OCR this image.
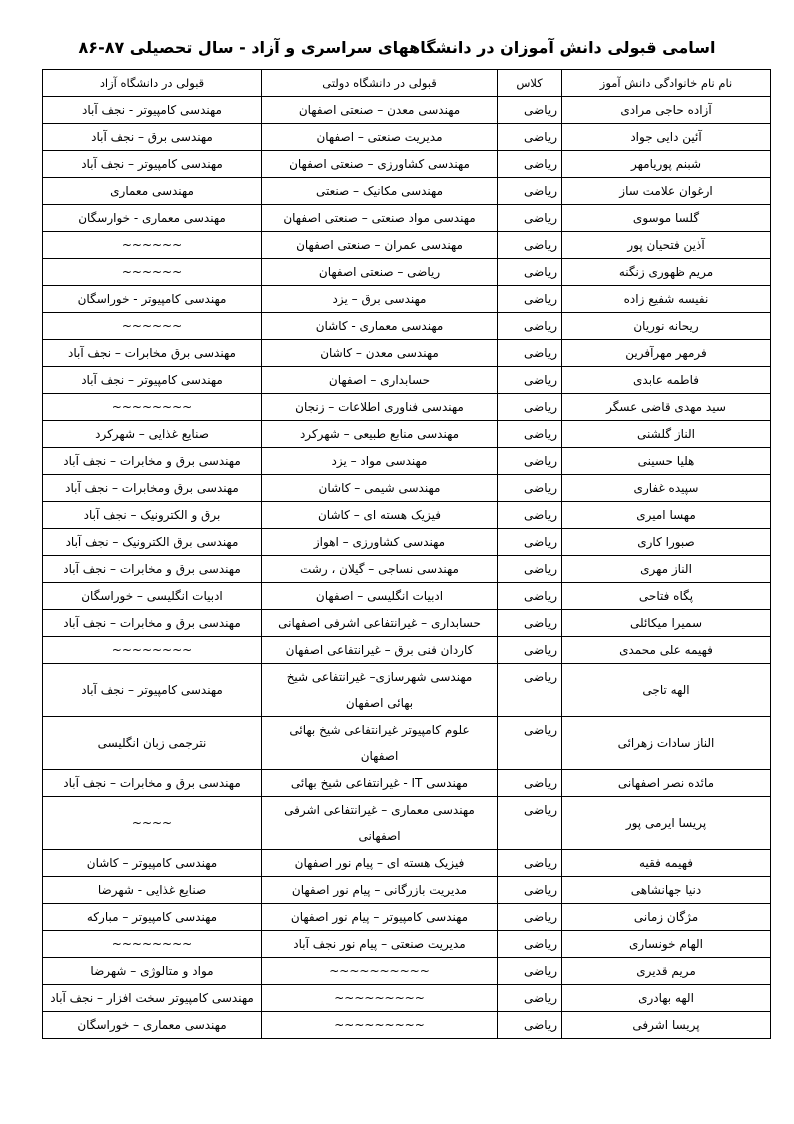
اسامی قبولی دانش آموزان در دانشگاههای سراسری و آزاد - سال تحصیلی ۸۷-۸۶
نام نام خانوادگی دانش آموز	کلاس	قبولی در دانشگاه دولتی	قبولی در دانشگاه آزاد
آزاده حاجی مرادی	ریاضی	مهندسی معدن – صنعتی اصفهان	مهندسی کامپیوتر - نجف آباد
آئین دایی جواد	ریاضی	مدیریت صنعتی – اصفهان	مهندسی برق – نجف آباد
شبنم پوریامهر	ریاضی	مهندسی کشاورزی – صنعتی اصفهان	مهندسی کامپیوتر – نجف آباد
ارغوان علامت ساز	ریاضی	مهندسی مکانیک – صنعتی	مهندسی معماری
گلسا موسوی	ریاضی	مهندسی مواد صنعتی – صنعتی اصفهان	مهندسی معماری - خوارسگان
آذین فتحیان پور	ریاضی	مهندسی عمران – صنعتی اصفهان	~~~~~~
مریم ظهوری زنگنه	ریاضی	ریاضی – صنعتی اصفهان	~~~~~~
نفیسه شفیع زاده	ریاضی	مهندسی برق – یزد	مهندسی کامپیوتر - خوراسگان
ریحانه نوریان	ریاضی	مهندسی معماری - کاشان	~~~~~~
فرمهر مهرآفرین	ریاضی	مهندسی معدن – کاشان	مهندسی برق مخابرات – نجف آباد
فاطمه عابدی	ریاضی	حسابداری – اصفهان	مهندسی کامپیوتر – نجف آباد
سید مهدی قاضی عسگر	ریاضی	مهندسی فناوری اطلاعات – زنجان	~~~~~~~~
الناز گلشنی	ریاضی	مهندسی منابع طبیعی – شهرکرد	صنایع غذایی – شهرکرد
هلیا حسینی	ریاضی	مهندسی مواد – یزد	مهندسی برق و مخابرات – نجف آباد
سپیده غفاری	ریاضی	مهندسی شیمی – کاشان	مهندسی برق ومخابرات – نجف آباد
مهسا امیری	ریاضی	فیزیک هسته ای – کاشان	برق و الکترونیک – نجف آباد
صبورا کاری	ریاضی	مهندسی کشاورزی – اهواز	مهندسی برق الکترونیک – نجف آباد
الناز مهری	ریاضی	مهندسی نساجی – گیلان ، رشت	مهندسی برق و مخابرات – نجف آباد
پگاه فتاحی	ریاضی	ادبیات انگلیسی – اصفهان	ادبیات انگلیسی – خوراسگان
سمیرا میکائلی	ریاضی	حسابداری – غیرانتفاعی اشرفی اصفهانی	مهندسی برق و مخابرات – نجف آباد
فهیمه علی محمدی	ریاضی	کاردان فنی برق – غیرانتفاعی اصفهان	~~~~~~~~
الهه تاجی	ریاضی	مهندسی شهرسازی– غیرانتفاعی شیخ بهائی اصفهان	مهندسی کامپیوتر – نجف آباد
الناز سادات زهرائی	ریاضی	علوم کامپیوتر غیرانتفاعی شیخ بهائی اصفهان	نترجمی زبان انگلیسی
مائده نصر اصفهانی	ریاضی	مهندسی IT - غیرانتفاعی شیخ بهائی	مهندسی برق و مخابرات – نجف آباد
پریسا ایرمی پور	ریاضی	مهندسی معماری – غیرانتفاعی اشرفی اصفهانی	~~~~
فهیمه فقیه	ریاضی	فیزیک هسته ای – پیام نور اصفهان	مهندسی کامپیوتر – کاشان
دنیا جهانشاهی	ریاضی	مدیریت بازرگانی – پیام نور اصفهان	صنایع غذایی - شهرضا
مژگان زمانی	ریاضی	مهندسی کامپیوتر – پیام نور اصفهان	مهندسی کامپیوتر – مبارکه
الهام خونساری	ریاضی	مدیریت صنعتی – پیام نور نجف آباد	~~~~~~~~
مریم قدیری	ریاضی	~~~~~~~~~~	مواد و متالوژی – شهرضا
الهه بهادری	ریاضی	~~~~~~~~~	مهندسی کامپیوتر سخت افزار – نجف آباد
پریسا اشرفی	ریاضی	~~~~~~~~~	مهندسی معماری – خوراسگان
